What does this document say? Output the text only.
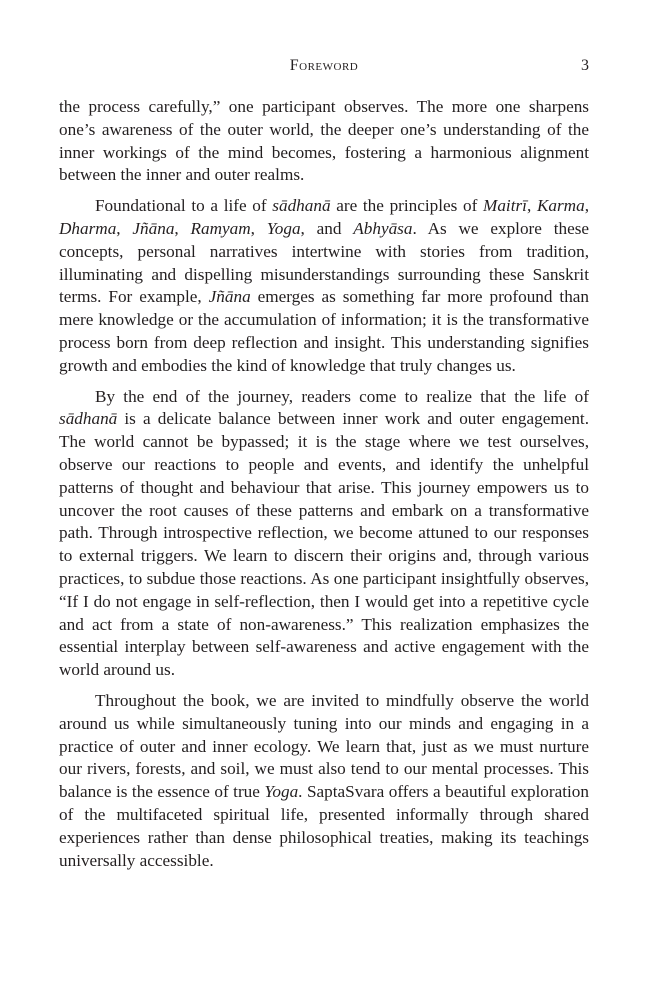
Foreword	3

the process carefully,” one participant observes. The more one sharpens one’s awareness of the outer world, the deeper one’s understanding of the inner workings of the mind becomes, fostering a harmonious alignment between the inner and outer realms.

Foundational to a life of sādhanā are the principles of Maitrī, Karma, Dharma, Jñāna, Ramyam, Yoga, and Abhyāsa. As we explore these concepts, personal narratives intertwine with stories from tradition, illuminating and dispelling misunderstandings surrounding these Sanskrit terms. For example, Jñāna emerges as something far more profound than mere knowledge or the accumulation of information; it is the transformative process born from deep reflection and insight. This understanding signifies growth and embodies the kind of knowledge that truly changes us.

By the end of the journey, readers come to realize that the life of sādhanā is a delicate balance between inner work and outer engagement. The world cannot be bypassed; it is the stage where we test ourselves, observe our reactions to people and events, and identify the unhelpful patterns of thought and behaviour that arise. This journey empowers us to uncover the root causes of these patterns and embark on a transformative path. Through introspective reflection, we become attuned to our responses to external triggers. We learn to discern their origins and, through various practices, to subdue those reactions. As one participant insightfully observes, “If I do not engage in self-reflection, then I would get into a repetitive cycle and act from a state of non-awareness.” This realization emphasizes the essential interplay between self-awareness and active engagement with the world around us.

Throughout the book, we are invited to mindfully observe the world around us while simultaneously tuning into our minds and engaging in a practice of outer and inner ecology. We learn that, just as we must nurture our rivers, forests, and soil, we must also tend to our mental processes. This balance is the essence of true Yoga. SaptaSvara offers a beautiful exploration of the multifaceted spiritual life, presented informally through shared experiences rather than dense philosophical treaties, making its teachings universally accessible.
